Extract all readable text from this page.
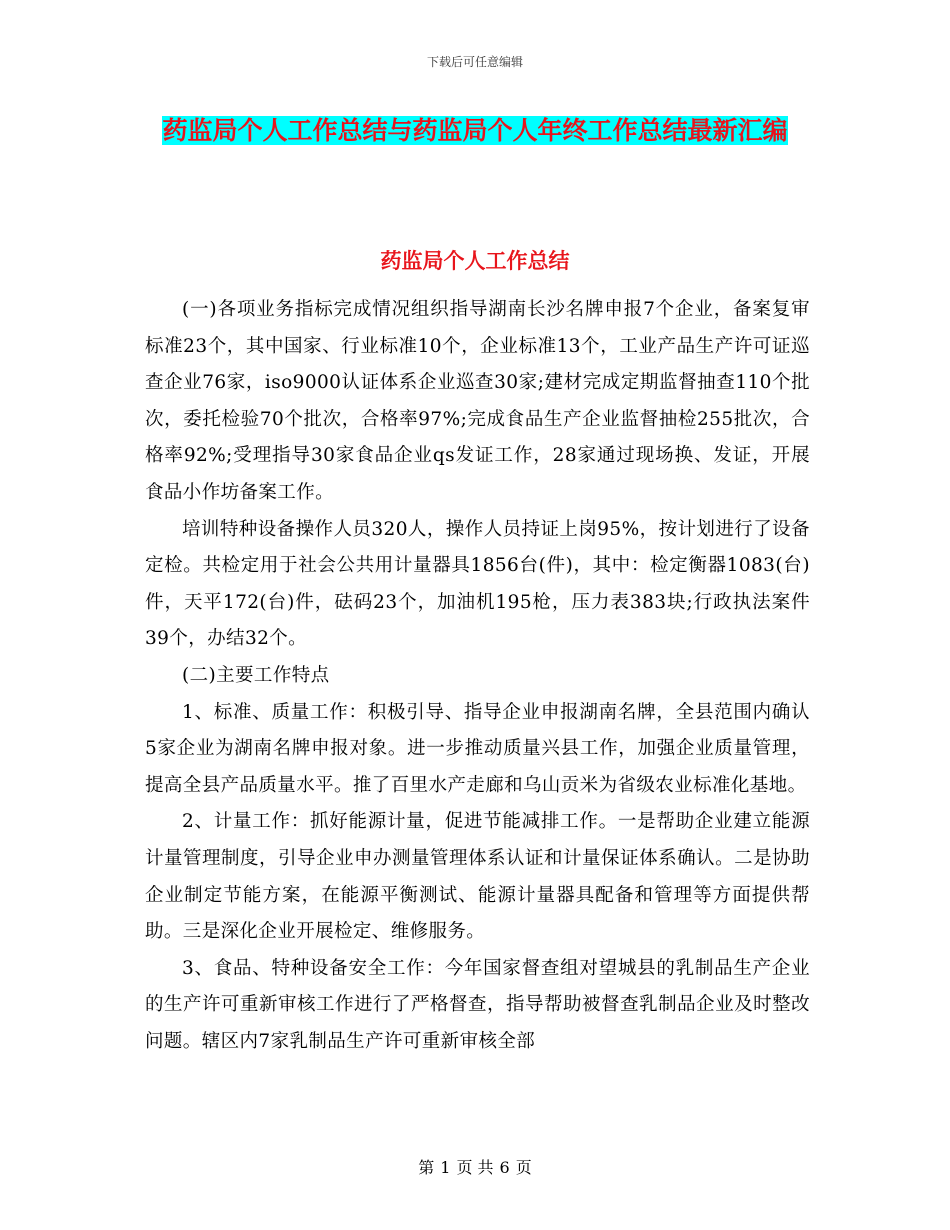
下载后可任意编辑
药监局个人工作总结与药监局个人年终工作总结最新汇编
药监局个人工作总结

(一)各项业务指标完成情况组织指导湖南长沙名牌申报7个企业，备案复审标准23个，其中国家、行业标准10个，企业标准13个，工业产品生产许可证巡查企业76家，iso9000认证体系企业巡查30家;建材完成定期监督抽查110个批次，委托检验70个批次，合格率97%;完成食品生产企业监督抽检255批次，合格率92%;受理指导30家食品企业qs发证工作，28家通过现场换、发证，开展食品小作坊备案工作。

培训特种设备操作人员320人，操作人员持证上岗95%，按计划进行了设备定检。共检定用于社会公共用计量器具1856台(件)，其中：检定衡器1083(台)件，天平172(台)件，砝码23个，加油机195枪，压力表383块;行政执法案件39个，办结32个。

(二)主要工作特点

1、标准、质量工作：积极引导、指导企业申报湖南名牌，全县范围内确认5家企业为湖南名牌申报对象。进一步推动质量兴县工作，加强企业质量管理，提高全县产品质量水平。推了百里水产走廊和乌山贡米为省级农业标准化基地。

2、计量工作：抓好能源计量，促进节能减排工作。一是帮助企业建立能源计量管理制度，引导企业申办测量管理体系认证和计量保证体系确认。二是协助企业制定节能方案，在能源平衡测试、能源计量器具配备和管理等方面提供帮助。三是深化企业开展检定、维修服务。

3、食品、特种设备安全工作：今年国家督查组对望城县的乳制品生产企业的生产许可重新审核工作进行了严格督查，指导帮助被督查乳制品企业及时整改问题。辖区内7家乳制品生产许可重新审核全部

第 1 页 共 6 页
